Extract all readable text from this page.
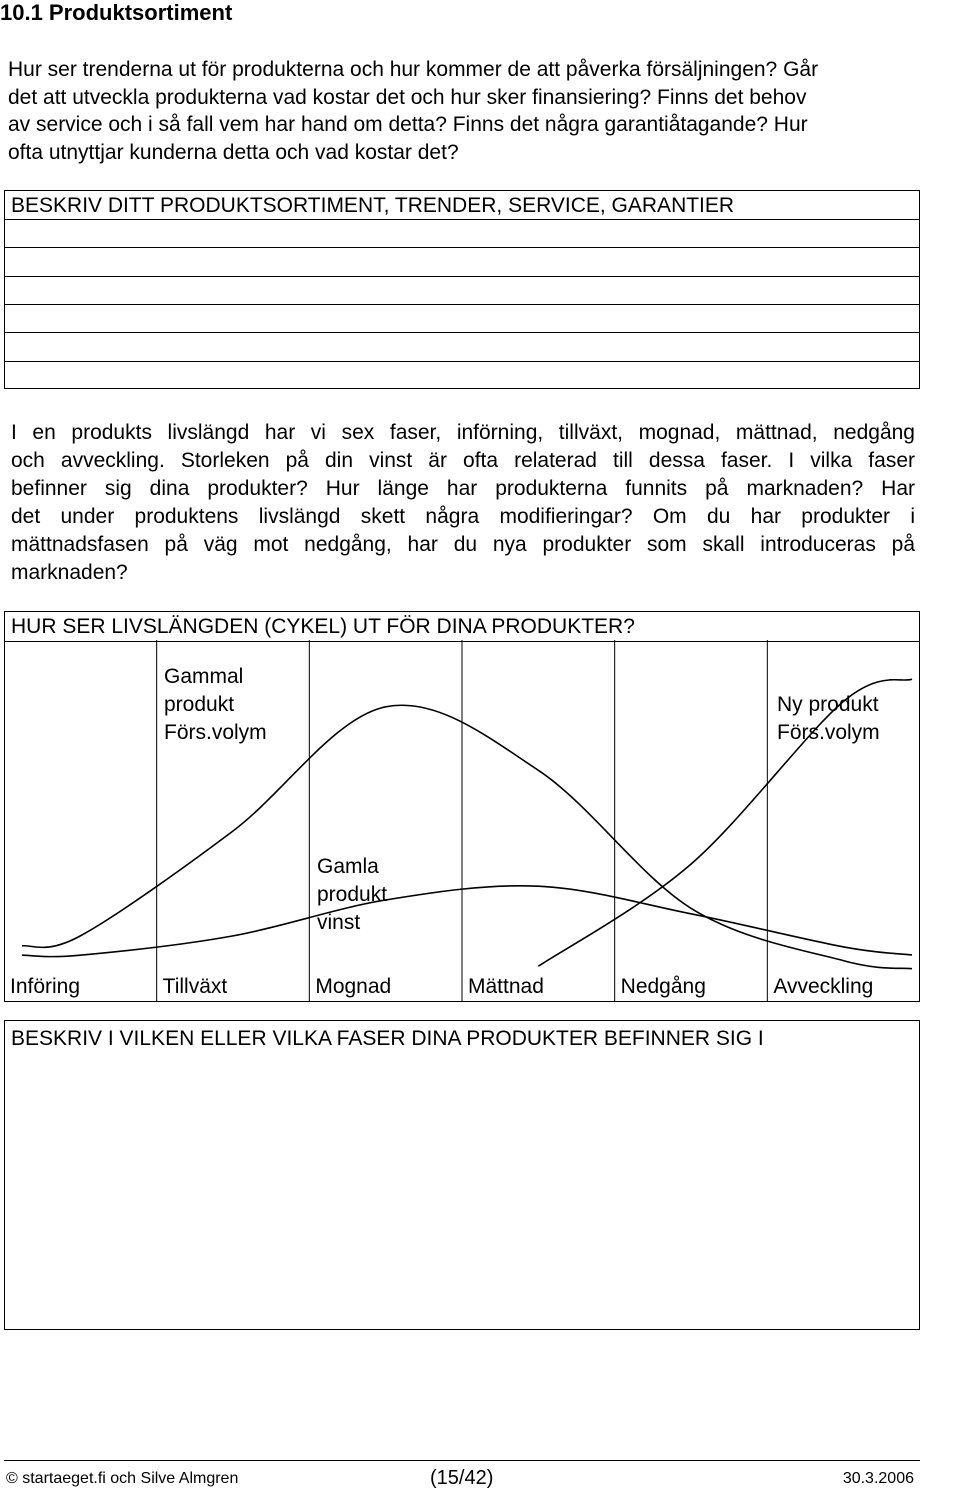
10.1 Produktsortiment
Hur ser trenderna ut för produkterna och hur kommer de att påverka försäljningen? Går
det att utveckla produkterna vad kostar det och hur sker finansiering? Finns det behov
av service och i så fall vem har hand om detta? Finns det några garantiåtagande? Hur
ofta utnyttjar kunderna detta och vad kostar det?
BESKRIV DITT PRODUKTSORTIMENT, TRENDER, SERVICE, GARANTIER
I en produkts livslängd har vi sex faser, införning, tillväxt, mognad, mättnad, nedgång
och avveckling. Storleken på din vinst är ofta relaterad till dessa faser. I vilka faser
befinner sig dina produkter? Hur länge har produkterna funnits på marknaden? Har
det under produktens livslängd skett några modifieringar? Om du har produkter i
mättnadsfasen på väg mot nedgång, har du nya produkter som skall introduceras på
marknaden?
HUR SER LIVSLÄNGDEN (CYKEL) UT FÖR DINA PRODUKTER?
Införing	Tillväxt	Mognad	Mättnad	Nedgång	Avveckling
Gammal
produkt
Förs.volym
Ny produkt
Förs.volym
Gamla
produkt
vinst
BESKRIV I VILKEN ELLER VILKA FASER DINA PRODUKTER BEFINNER SIG I
© startaeget.fi och Silve Almgren	(15/42)	30.3.2006
